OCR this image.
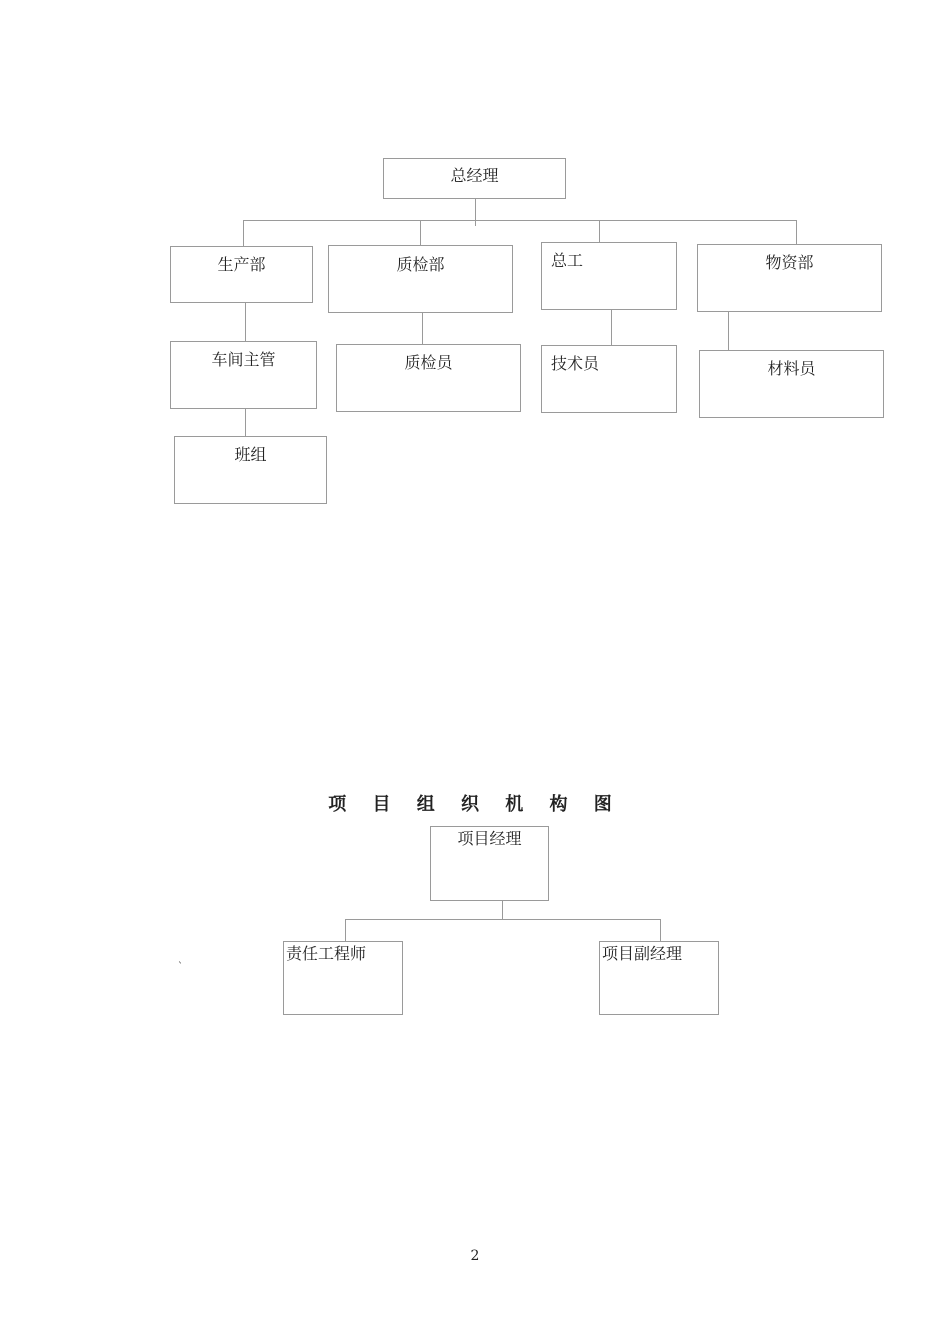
总经理
生产部	质检部	总工	物资部
车间主管	质检员	技术员	材料员
班组
项 目 组 织 机 构 图
项目经理
责任工程师	项目副经理
`
2
